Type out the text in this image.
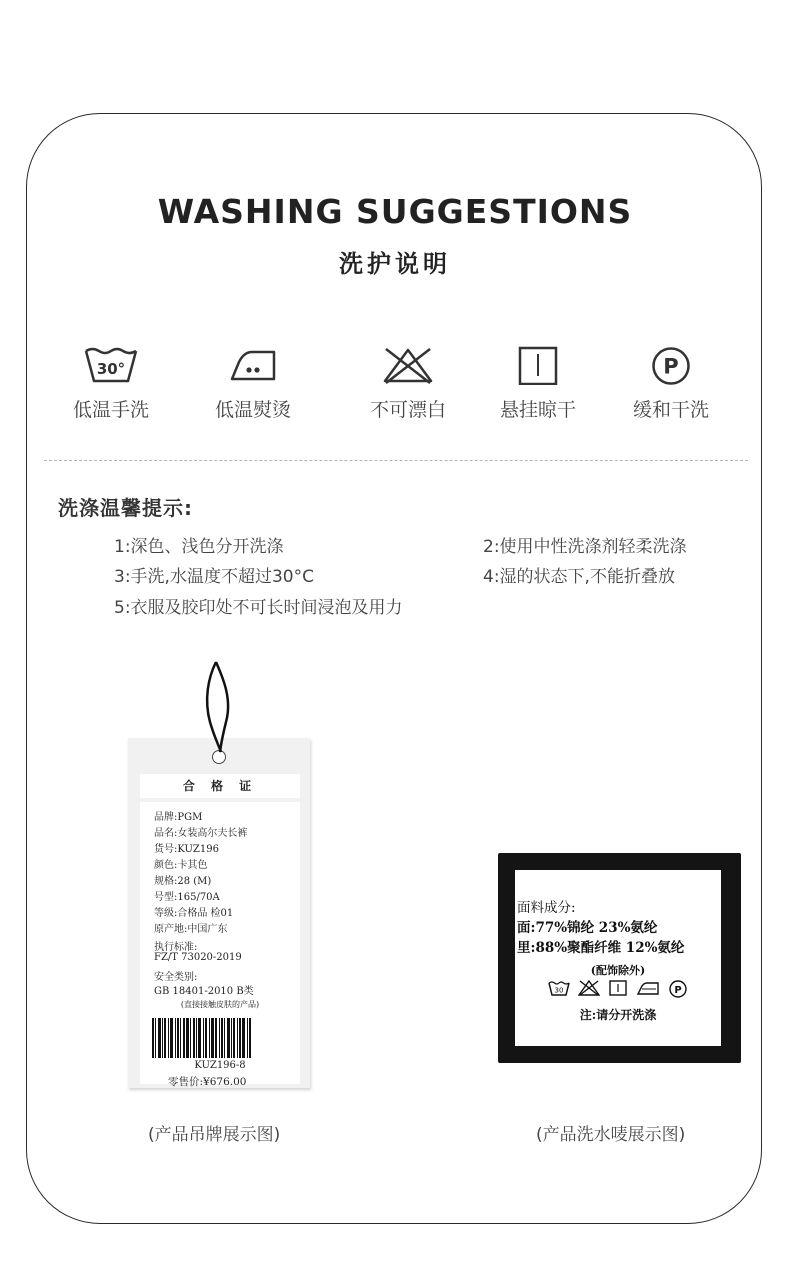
WASHING SUGGESTIONS
洗护说明
30°
低温手洗	低温熨烫	不可漂白	悬挂晾干
P
缓和干洗
洗涤温馨提示:
1:深色、浅色分开洗涤	2:使用中性洗涤剂轻柔洗涤
3:手洗,水温度不超过30°C	4:湿的状态下,不能折叠放
5:衣服及胶印处不可长时间浸泡及用力
合 格 证
品牌:PGM
品名:女装高尔夫长裤
货号:KUZ196
颜色:卡其色
规格:28 (M)
号型:165/70A
等级:合格品 检01
原产地:中国广东
执行标准:
FZ/T 73020-2019
安全类别:
GB 18401-2010 B类
(直接接触皮肤的产品)
KUZ196-8
零售价:¥676.00
面料成分:
面:77%锦纶 23%氨纶
里:88%聚酯纤维 12%氨纶
(配饰除外)
30	P
注:请分开洗涤
(产品吊牌展示图)	(产品洗水唛展示图)
